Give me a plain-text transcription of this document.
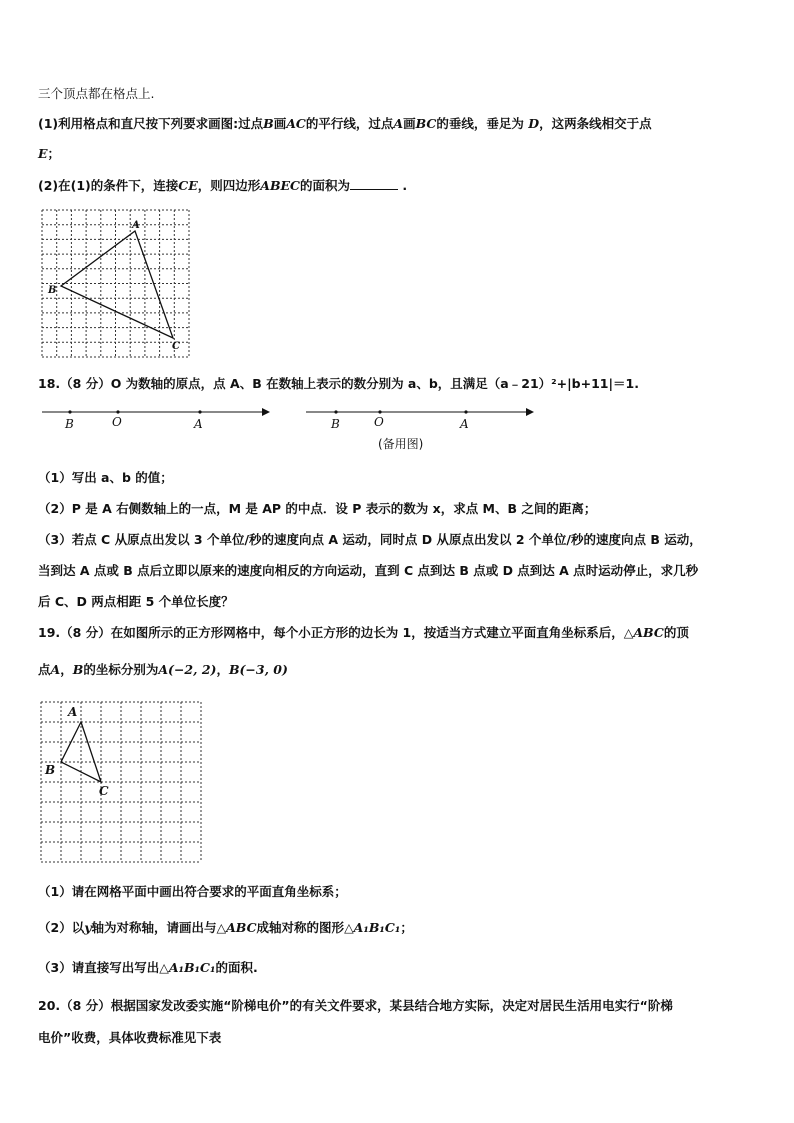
三个顶点都在格点上.
(1)利用格点和直尺按下列要求画图:过点B画AC的平行线，过点A画BC的垂线，垂足为 D，这两条线相交于点
E；
(2)在(1)的条件下，连接CE，则四边形ABEC的面积为	.
A
B
C
18.（8 分）O 为数轴的原点，点 A、B 在数轴上表示的数分别为 a、b，且满足（a﹣21）²+|b+11|＝1.
B	O	A	B	O	A
(备用图)
（1）写出 a、b 的值；
（2）P 是 A 右侧数轴上的一点，M 是 AP 的中点．设 P 表示的数为 x，求点 M、B 之间的距离；
（3）若点 C 从原点出发以 3 个单位/秒的速度向点 A 运动，同时点 D 从原点出发以 2 个单位/秒的速度向点 B 运动，
当到达 A 点或 B 点后立即以原来的速度向相反的方向运动，直到 C 点到达 B 点或 D 点到达 A 点时运动停止，求几秒
后 C、D 两点相距 5 个单位长度？
19.（8 分）在如图所示的正方形网格中，每个小正方形的边长为 1，按适当方式建立平面直角坐标系后，△ABC的顶
点A，B的坐标分别为A(−2, 2)，B(−3, 0)
A
B
C
（1）请在网格平面中画出符合要求的平面直角坐标系；
（2）以y轴为对称轴，请画出与△ABC成轴对称的图形△A₁B₁C₁；
（3）请直接写出写出△A₁B₁C₁的面积.
20.（8 分）根据国家发改委实施“阶梯电价”的有关文件要求，某县结合地方实际，决定对居民生活用电实行“阶梯
电价”收费，具体收费标准见下表
